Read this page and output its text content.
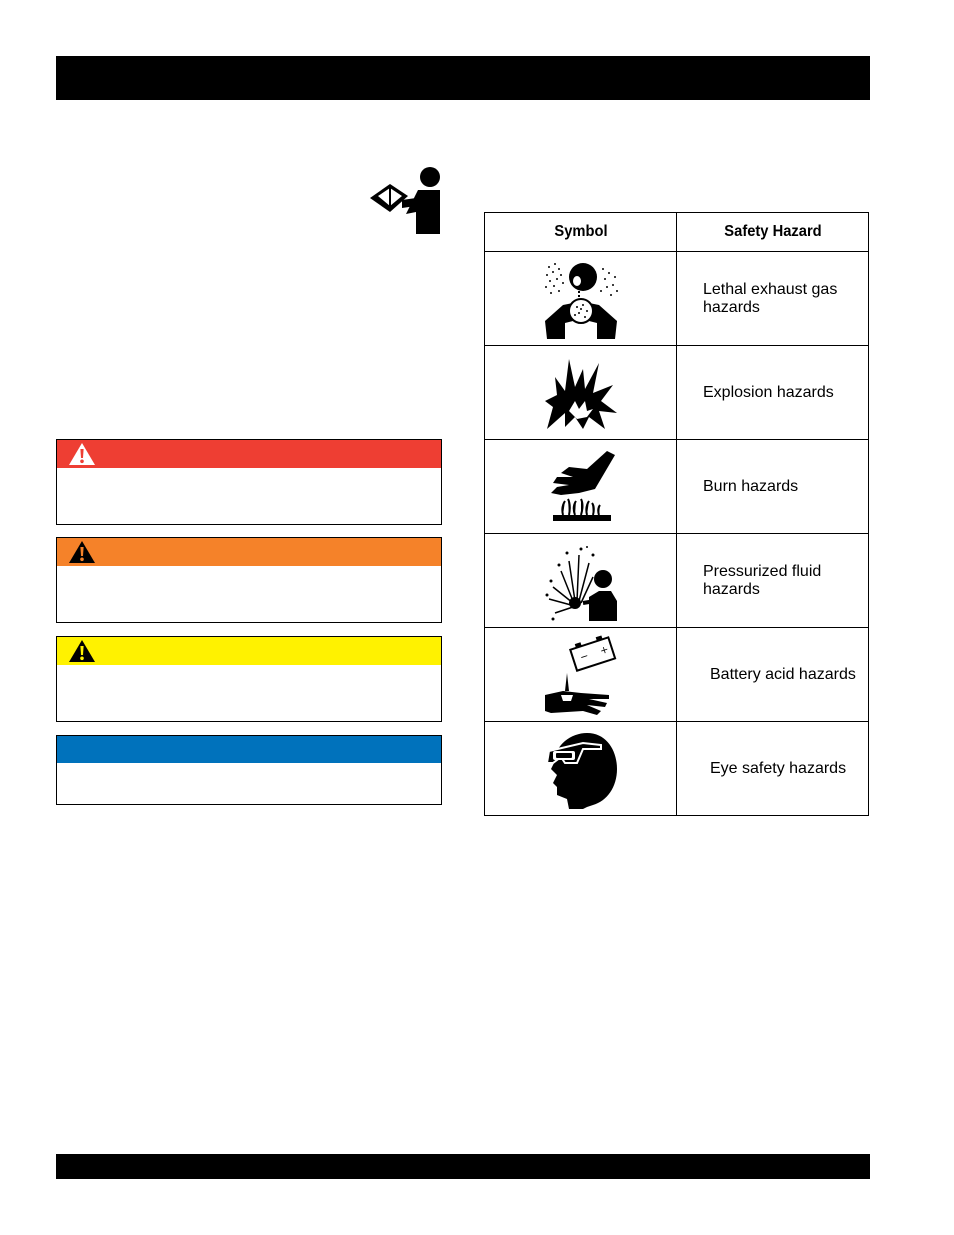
Symbol	Safety Hazard

	Lethal exhaust gas hazards

	Explosion hazards

	Burn hazards

	Pressurized fluid hazards

− +	Battery acid hazards

	Eye safety hazards
